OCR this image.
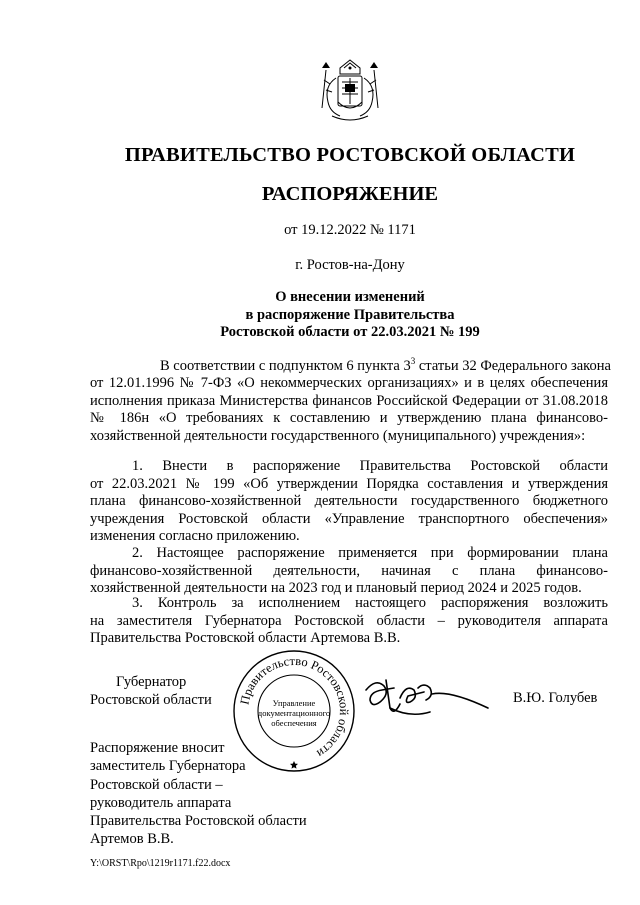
ПРАВИТЕЛЬСТВО РОСТОВСКОЙ ОБЛАСТИ
РАСПОРЯЖЕНИЕ
от 19.12.2022 № 1171
г. Ростов-на-Дону
О внесении изменений
в распоряжение Правительства
Ростовской области от 22.03.2021 № 199
В соответствии с подпунктом 6 пункта $3^3$ статьи 32 Федерального закона
от 12.01.1996 № 7-ФЗ «О некоммерческих организациях» и в целях обеспечения
исполнения приказа Министерства финансов Российской Федерации от 31.08.2018
№ 186н «О требованиях к составлению и утверждению плана финансово-
хозяйственной деятельности государственного (муниципального) учреждения»:
1. Внести в распоряжение Правительства Ростовской области
от 22.03.2021 № 199 «Об утверждении Порядка составления и утверждения
плана финансово-хозяйственной деятельности государственного бюджетного
учреждения Ростовской области «Управление транспортного обеспечения»
изменения согласно приложению.
2. Настоящее распоряжение применяется при формировании плана
финансово-хозяйственной деятельности, начиная с плана финансово-
хозяйственной деятельности на 2023 год и плановый период 2024 и 2025 годов.
3. Контроль за исполнением настоящего распоряжения возложить
на заместителя Губернатора Ростовской области – руководителя аппарата
Правительства Ростовской области Артемова В.В.
Губернатор
Ростовской области Правительство Ростовской области
Управление
документационного
обеспечения
В.Ю. Голубев
Распоряжение вносит
заместитель Губернатора
Ростовской области –
руководитель аппарата
Правительства Ростовской области
Артемов В.В.
Y:\ORST\Rpo\1219r1171.f22.docx
